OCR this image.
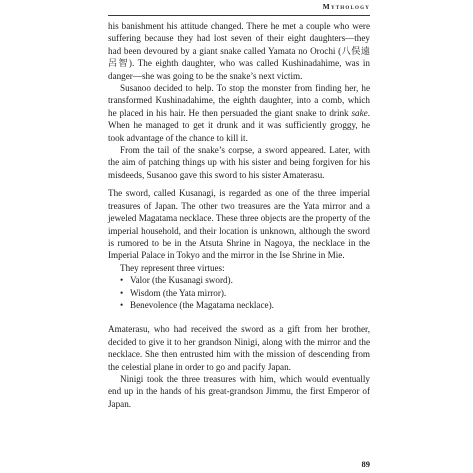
Mythology

his banishment his attitude changed. There he met a couple who were suffering because they had lost seven of their eight daughters—they had been devoured by a giant snake called Yamata no Orochi (八俣遠呂智). The eighth daughter, who was called Kushinadahime, was in danger—she was going to be the snake’s next victim.

Susanoo decided to help. To stop the monster from finding her, he transformed Kushinadahime, the eighth daughter, into a comb, which he placed in his hair. He then persuaded the giant snake to drink sake. When he managed to get it drunk and it was sufficiently groggy, he took advantage of the chance to kill it.

From the tail of the snake’s corpse, a sword appeared. Later, with the aim of patching things up with his sister and being forgiven for his misdeeds, Susanoo gave this sword to his sister Amaterasu.

The sword, called Kusanagi, is regarded as one of the three imperial treasures of Japan. The other two treasures are the Yata mirror and a jeweled Magatama necklace. These three objects are the property of the imperial household, and their location is unknown, although the sword is rumored to be in the Atsuta Shrine in Nagoya, the necklace in the Imperial Palace in Tokyo and the mirror in the Ise Shrine in Mie.

They represent three virtues:

• Valor (the Kusanagi sword).
• Wisdom (the Yata mirror).
• Benevolence (the Magatama necklace).

Amaterasu, who had received the sword as a gift from her brother, decided to give it to her grandson Ninigi, along with the mirror and the necklace. She then entrusted him with the mission of descending from the celestial plane in order to go and pacify Japan.

Ninigi took the three treasures with him, which would eventually end up in the hands of his great-grandson Jimmu, the first Emperor of Japan.

89
